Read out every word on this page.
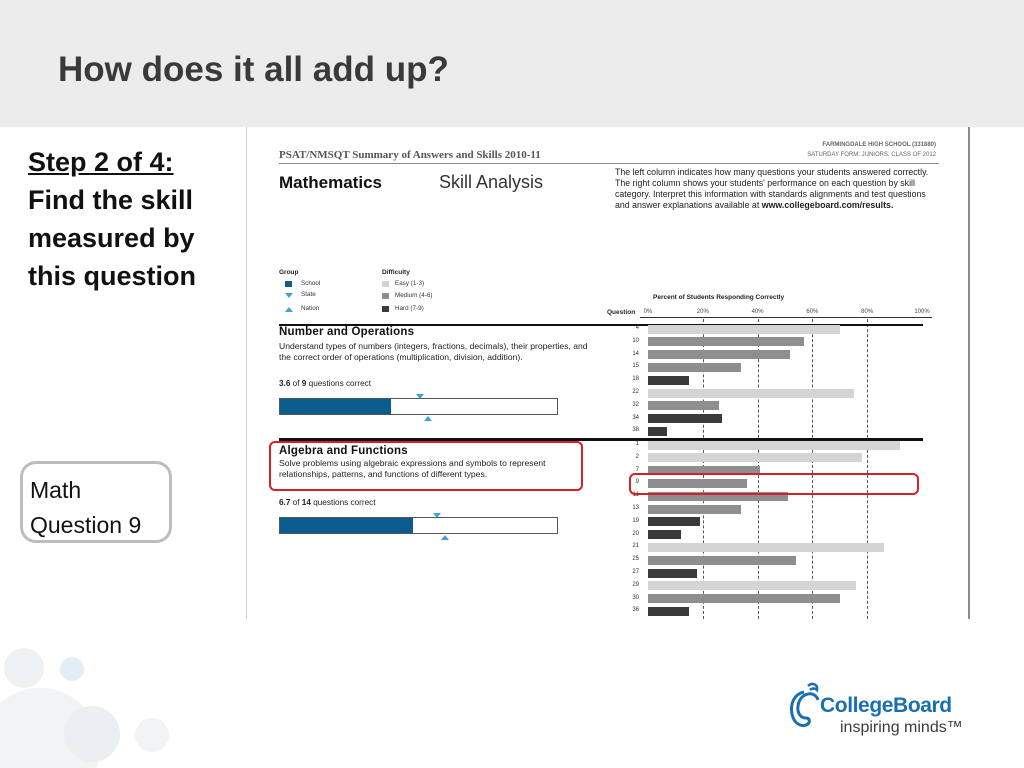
How does it all add up?
Step 2 of 4:
Find the skill
measured by
this question
Math
Question 9
FARMINGDALE HIGH SCHOOL (331880)
SATURDAY FORM: JUNIORS, CLASS OF 2012
PSAT/NMSQT Summary of Answers and Skills 2010-11
Mathematics	Skill Analysis	The left column indicates how many questions your students answered correctly. The right column shows your students' performance on each question by skill category. Interpret this information with standards alignments and test questions and answer explanations available at www.collegeboard.com/results.
Group
School
State
Nation
Difficulty
Easy (1-3)
Medium (4-6)
Hard (7-9)
Percent of Students Responding Correctly
Question 0%	20%	40%	60%	80%	100%
Number and Operations
Understand types of numbers (integers, fractions, decimals), their properties, and the correct order of operations (multiplication, division, addition).
3.6 of 9 questions correct
Algebra and Functions
Solve problems using algebraic expressions and symbols to represent relationships, patterns, and functions of different types.
6.7 of 14 questions correct
4
10
14
15
18
22
32
34
38
1
2
7
9
11
13
19
20
21
25
27
29
30
36
CollegeBoard
inspiring minds™
